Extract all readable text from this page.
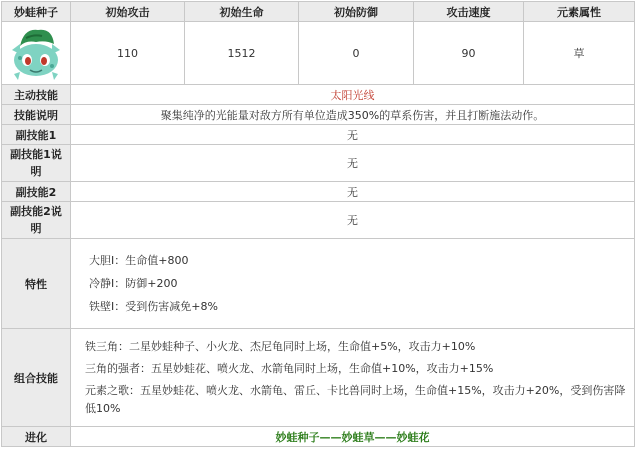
妙蛙种子	初始攻击	初始生命	初始防御	攻击速度	元素属性

	110	1512	0	90	草
主动技能	太阳光线				
技能说明	聚集纯净的光能量对敌方所有单位造成350%的草系伤害，并且打断施法动作。				
副技能1	无				
副技能1说
明	无				
副技能2	无				
副技能2说
明	无				
特性	大胆Ⅰ：生命值+800
冷静Ⅰ：防御+200
铁壁Ⅰ：受到伤害减免+8%				

组合技能	铁三角：二星妙蛙种子、小火龙、杰尼龟同时上场，生命值+5%，攻击力+10%
三角的强者：五星妙蛙花、喷火龙、水箭龟同时上场，生命值+10%，攻击力+15%
元素之歌：五星妙蛙花、喷火龙、水箭龟、雷丘、卡比兽同时上场，生命值+15%，攻击力+20%，受到伤害降低10%				

进化	妙蛙种子——妙蛙草——妙蛙花				
